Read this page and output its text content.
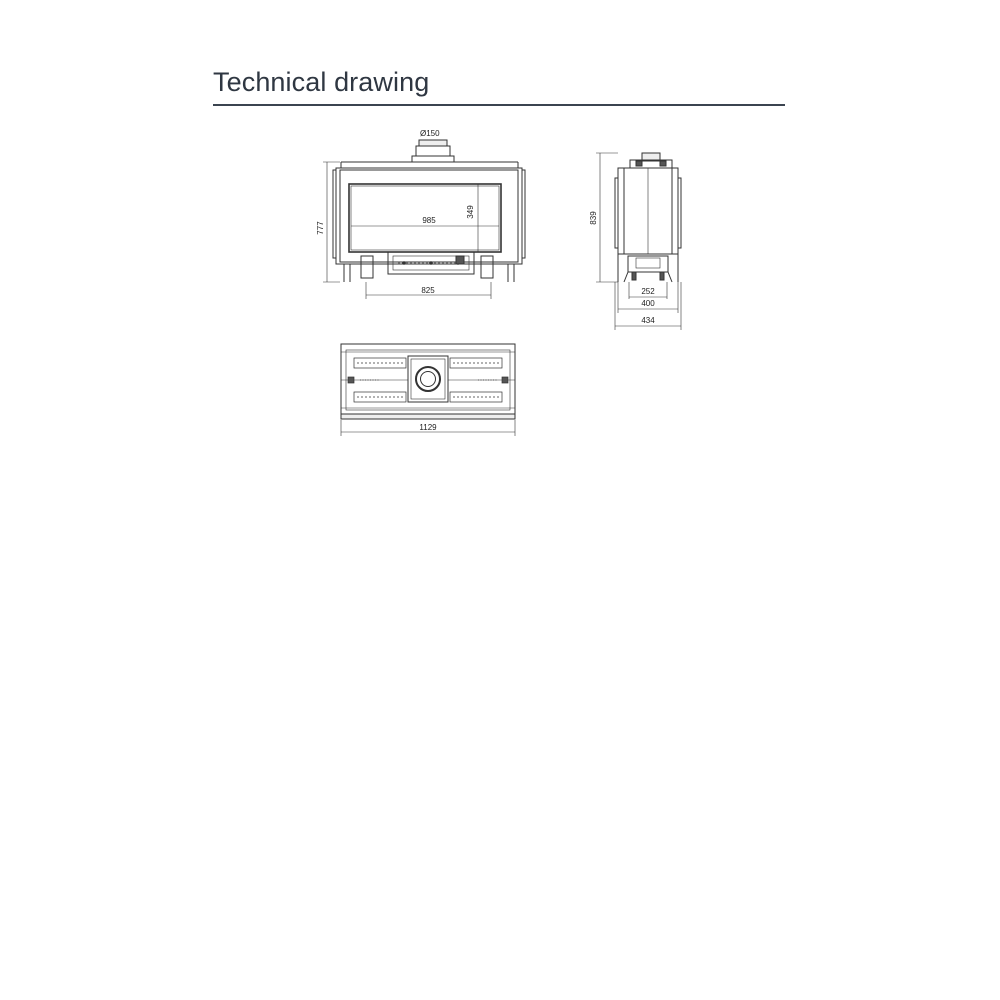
Technical drawing
Ø150
777
985
349
825
839
252
400
434
1129
